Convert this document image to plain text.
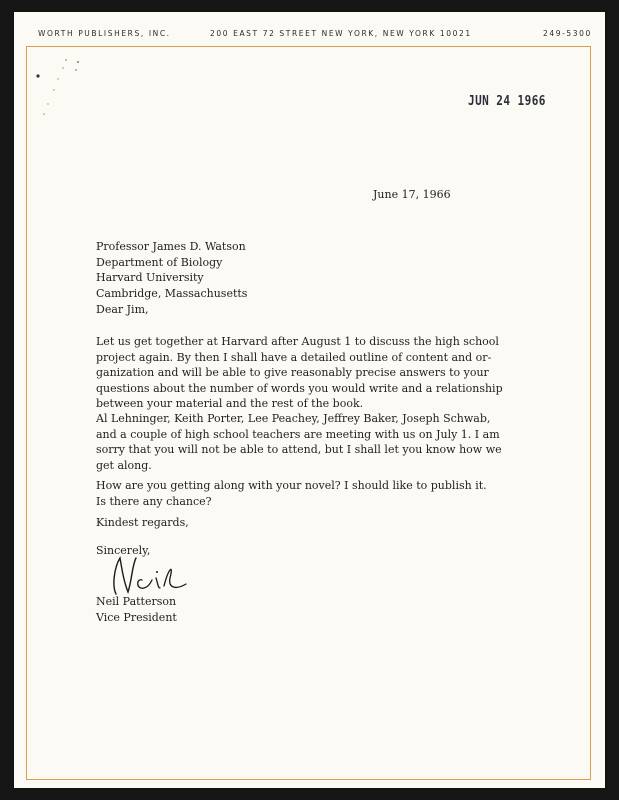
WORTH PUBLISHERS, INC.	200 EAST 72 STREET NEW YORK, NEW YORK 10021	249-5300
JUN 24 1966
June 17, 1966
Professor James D. Watson
Department of Biology
Harvard University
Cambridge, Massachusetts
Dear Jim,
Let us get together at Harvard after August 1 to discuss the high school
project again. By then I shall have a detailed outline of content and or-
ganization and will be able to give reasonably precise answers to your
questions about the number of words you would write and a relationship
between your material and the rest of the book.
Al Lehninger, Keith Porter, Lee Peachey, Jeffrey Baker, Joseph Schwab,
and a couple of high school teachers are meeting with us on July 1. I am
sorry that you will not be able to attend, but I shall let you know how we
get along.
How are you getting along with your novel? I should like to publish it.
Is there any chance?
Kindest regards,
Sincerely,
Neil Patterson
Vice President
